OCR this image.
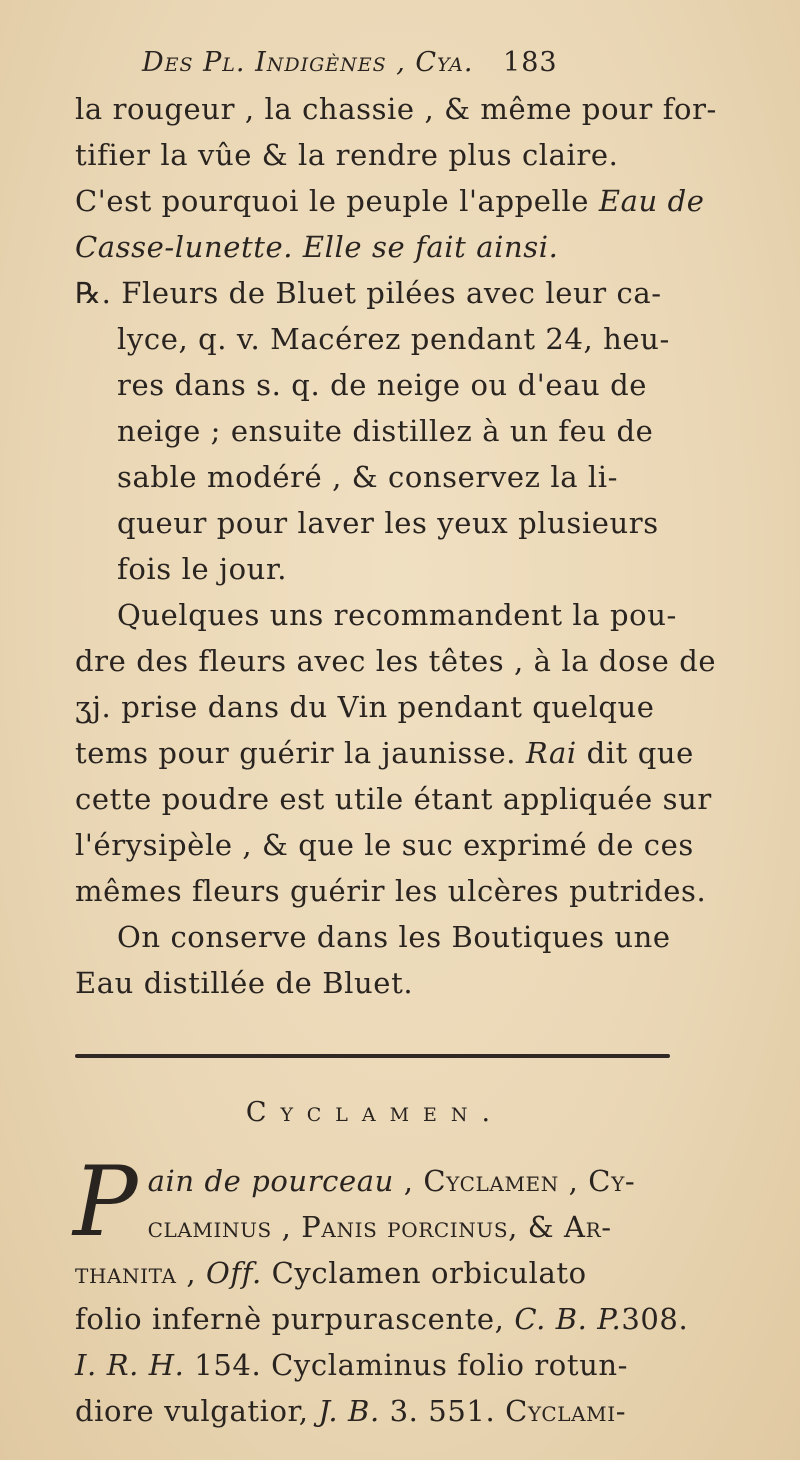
Des Pl. Indigènes , Cya. 183
la rougeur , la chassie , & même pour for-
tifier la vûe & la rendre plus claire.
C'est pourquoi le peuple l'appelle Eau de
Casse-lunette. Elle se fait ainsi.
℞. Fleurs de Bluet pilées avec leur ca-
lyce, q. v. Macérez pendant 24, heu-
res dans s. q. de neige ou d'eau de
neige ; ensuite distillez à un feu de
sable modéré , & conservez la li-
queur pour laver les yeux plusieurs
fois le jour.
Quelques uns recommandent la pou-
dre des fleurs avec les têtes , à la dose de
ʒj. prise dans du Vin pendant quelque
tems pour guérir la jaunisse. Rai dit que
cette poudre est utile étant appliquée sur
l'érysipèle , & que le suc exprimé de ces
mêmes fleurs guérir les ulcères putrides.
On conserve dans les Boutiques une
Eau distillée de Bluet.
Cyclamen.
P ain de pourceau , Cyclamen , Cy-
claminus , Panis porcinus, & Ar-
thanita , Off. Cyclamen orbiculato
folio infernè purpurascente, C. B. P.308.
I. R. H. 154. Cyclaminus folio rotun-
diore vulgatior, J. B. 3. 551. Cyclami-
